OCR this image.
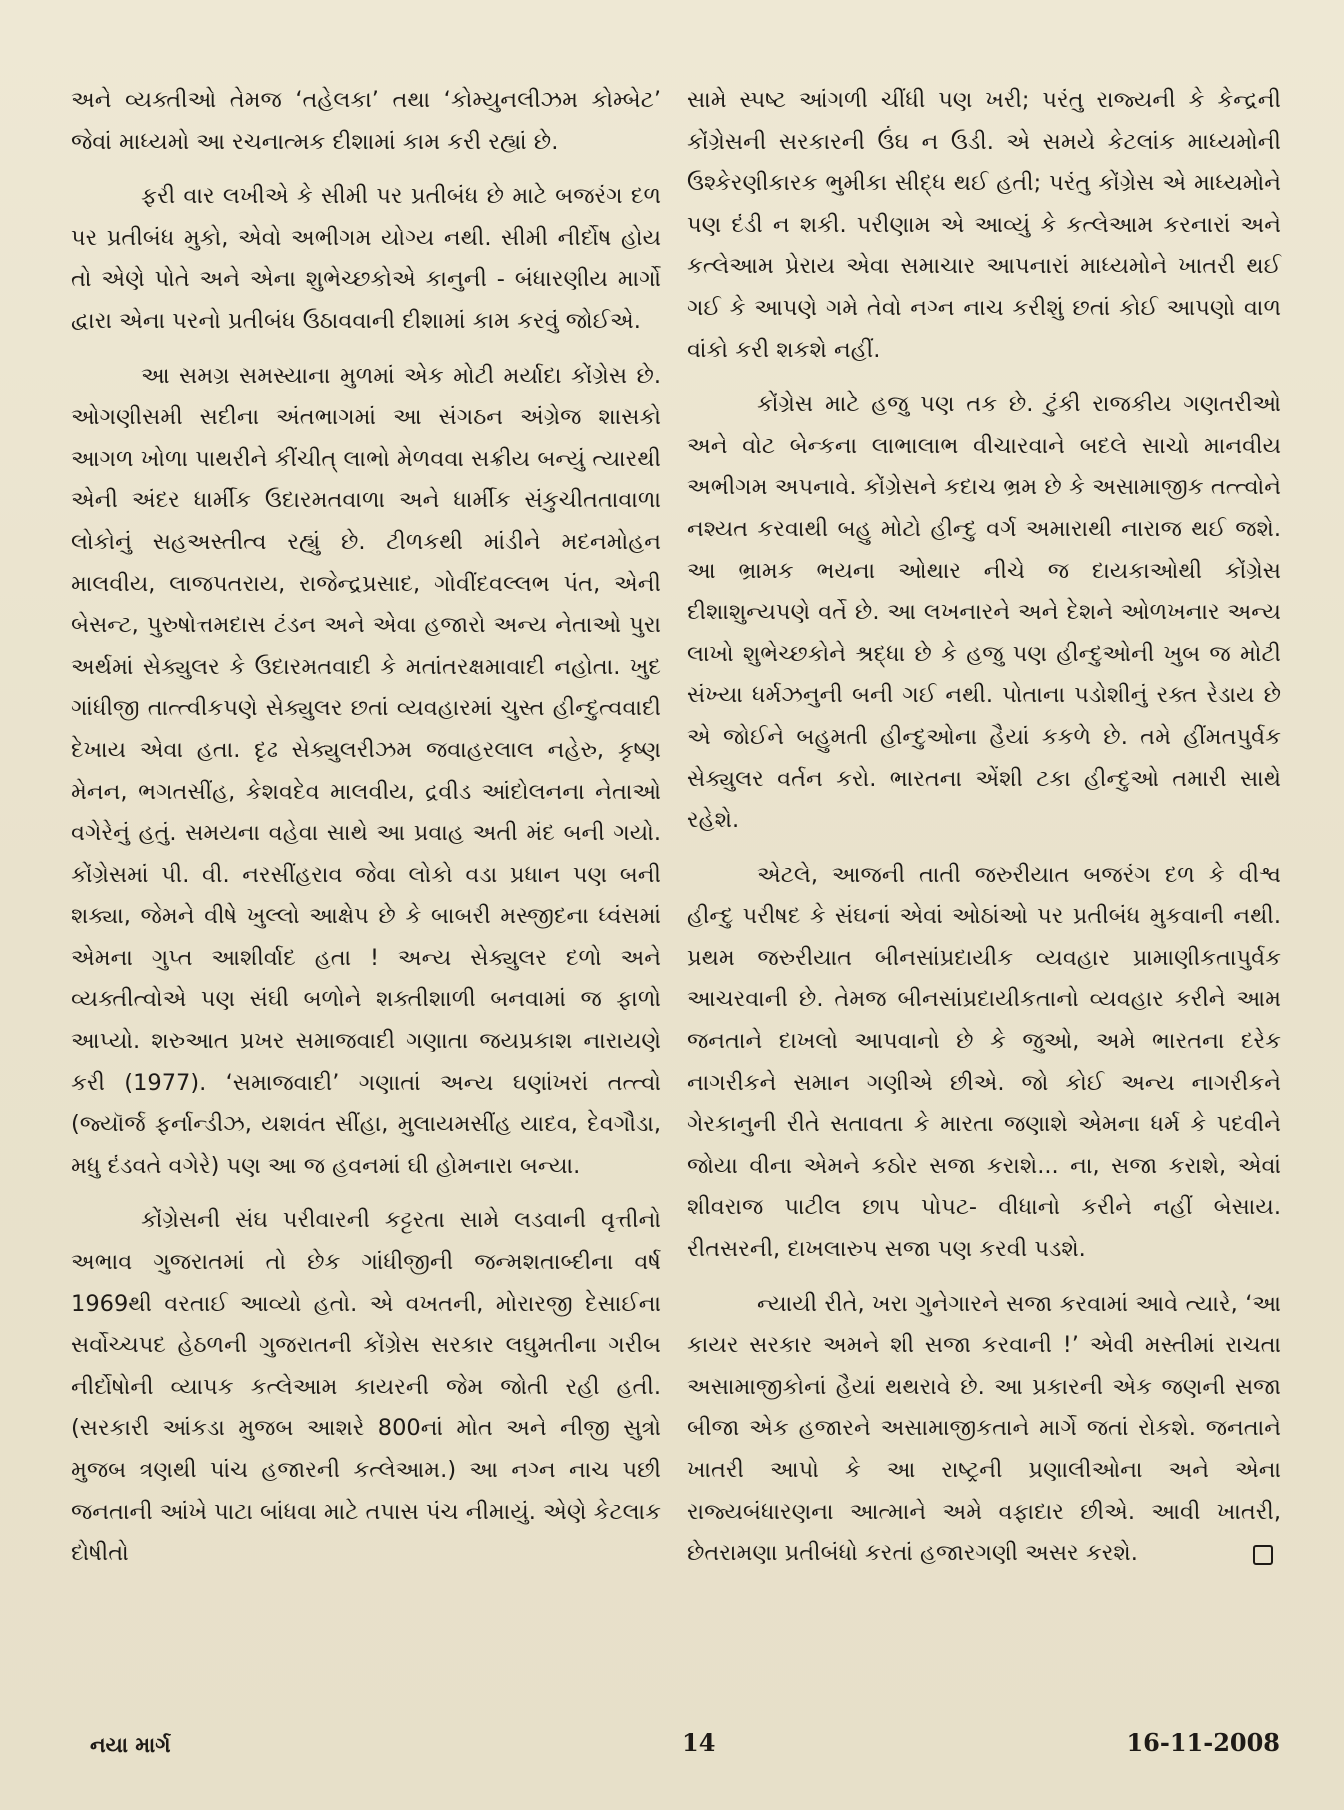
અને વ્યક્તીઓ તેમજ ‘તહેલકા’ તથા ‘કોમ્યુનલીઝમ કોમ્બેટ’ જેવાં માધ્યમો આ રચનાત્મક દીશામાં કામ કરી રહ્યાં છે.

ફરી વાર લખીએ કે સીમી પર પ્રતીબંધ છે માટે બજરંગ દળ પર પ્રતીબંધ મુકો, એવો અભીગમ યોગ્ય નથી. સીમી નીર્દોષ હોય તો એણે પોતે અને એના શુભેચ્છકોએ કાનુની - બંધારણીય માર્ગો દ્વારા એના પરનો પ્રતીબંધ ઉઠાવવાની દીશામાં કામ કરવું જોઈએ.

આ સમગ્ર સમસ્યાના મુળમાં એક મોટી મર્યાદા કોંગ્રેસ છે. ઓગણીસમી સદીના અંતભાગમાં આ સંગઠન અંગ્રેજ શાસકો આગળ ખોળા પાથરીને કીંચીત્ લાભો મેળવવા સક્રીય બન્યું ત્યારથી એની અંદર ધાર્મીક ઉદારમતવાળા અને ધાર્મીક સંકુચીતતાવાળા લોકોનું સહઅસ્તીત્વ રહ્યું છે. ટીળકથી માંડીને મદનમોહન માલવીય, લાજપતરાય, રાજેન્દ્રપ્રસાદ, ગોવીંદવલ્લભ પંત, એની બેસન્ટ, પુરુષોત્તમદાસ ટંડન અને એવા હજારો અન્ય નેતાઓ પુરા અર્થમાં સેક્યુલર કે ઉદારમતવાદી કે મતાંતરક્ષમાવાદી નહોતા. ખુદ ગાંધીજી તાત્ત્વીકપણે સેક્યુલર છતાં વ્યવહારમાં ચુસ્ત હીન્દુત્વવાદી દેખાય એવા હતા. દૃઢ સેક્યુલરીઝમ જવાહરલાલ નહેરુ, કૃષ્ણ મેનન, ભગતસીંહ, કેશવદેવ માલવીય, દ્રવીડ આંદોલનના નેતાઓ વગેરેનું હતું. સમયના વહેવા સાથે આ પ્રવાહ અતી મંદ બની ગયો. કોંગ્રેસમાં પી. વી. નરસીંહરાવ જેવા લોકો વડા પ્રધાન પણ બની શક્યા, જેમને વીષે ખુલ્લો આક્ષેપ છે કે બાબરી મસ્જીદના ધ્વંસમાં એમના ગુપ્ત આશીર્વાદ હતા ! અન્ય સેક્યુલર દળો અને વ્યક્તીત્વોએ પણ સંઘી બળોને શક્તીશાળી બનવામાં જ ફાળો આપ્યો. શરુઆત પ્રખર સમાજવાદી ગણાતા જયપ્રકાશ નારાયણે કરી (1977). ‘સમાજવાદી’ ગણાતાં અન્ય ઘણાંખરાં તત્ત્વો (જ્યૉર્જ ફર્નાન્ડીઝ, યશવંત સીંહા, મુલાયમસીંહ યાદવ, દેવગૌડા, મધુ દંડવતે વગેરે) પણ આ જ હવનમાં ઘી હોમનારા બન્યા.

કોંગ્રેસની સંઘ પરીવારની કટ્ટરતા સામે લડવાની વૃત્તીનો અભાવ ગુજરાતમાં તો છેક ગાંધીજીની જન્મશતાબ્દીના વર્ષ 1969થી વરતાઈ આવ્યો હતો. એ વખતની, મોરારજી દેસાઈના સર્વોચ્ચપદ હેઠળની ગુજરાતની કોંગ્રેસ સરકાર લઘુમતીના ગરીબ નીર્દોષોની વ્યાપક કત્લેઆમ કાયરની જેમ જોતી રહી હતી. (સરકારી આંકડા મુજબ આશરે 800નાં મોત અને નીજી સુત્રો મુજબ ત્રણથી પાંચ હજારની કત્લેઆમ.) આ નગ્ન નાચ પછી જનતાની આંખે પાટા બાંધવા માટે તપાસ પંચ નીમાયું. એણે કેટલાક દોષીતો

સામે સ્પષ્ટ આંગળી ચીંધી પણ ખરી; પરંતુ રાજ્યની કે કેન્દ્રની કોંગ્રેસની સરકારની ઉંઘ ન ઉડી. એ સમયે કેટલાંક માધ્યમોની ઉશ્કેરણીકારક ભુમીકા સીદ્ધ થઈ હતી; પરંતુ કોંગ્રેસ એ માધ્યમોને પણ દંડી ન શકી. પરીણામ એ આવ્યું કે કત્લેઆમ કરનારાં અને કત્લેઆમ પ્રેરાય એવા સમાચાર આપનારાં માધ્યમોને ખાતરી થઈ ગઈ કે આપણે ગમે તેવો નગ્ન નાચ કરીશું છતાં કોઈ આપણો વાળ વાંકો કરી શકશે નહીં.

કોંગ્રેસ માટે હજુ પણ તક છે. ટુંકી રાજકીય ગણતરીઓ અને વોટ બેન્કના લાભાલાભ વીચારવાને બદલે સાચો માનવીય અભીગમ અપનાવે. કોંગ્રેસને કદાચ ભ્રમ છે કે અસામાજીક તત્ત્વોને નશ્યત કરવાથી બહુ મોટો હીન્દુ વર્ગ અમારાથી નારાજ થઈ જશે. આ ભ્રામક ભયના ઓથાર નીચે જ દાયકાઓથી કોંગ્રેસ દીશાશુન્યપણે વર્તે છે. આ લખનારને અને દેશને ઓળખનાર અન્ય લાખો શુભેચ્છકોને શ્રદ્ધા છે કે હજુ પણ હીન્દુઓની ખુબ જ મોટી સંખ્યા ધર્મઝનુની બની ગઈ નથી. પોતાના પડોશીનું રક્ત રેડાય છે એ જોઈને બહુમતી હીન્દુઓના હૈયાં કકળે છે. તમે હીંમતપુર્વક સેક્યુલર વર્તન કરો. ભારતના એંશી ટકા હીન્દુઓ તમારી સાથે રહેશે.

એટલે, આજની તાતી જરુરીયાત બજરંગ દળ કે વીશ્વ હીન્દુ પરીષદ કે સંઘનાં એવાં ઓઠાંઓ પર પ્રતીબંધ મુકવાની નથી. પ્રથમ જરુરીયાત બીનસાંપ્રદાયીક વ્યવહાર પ્રામાણીકતાપુર્વક આચરવાની છે. તેમજ બીનસાંપ્રદાયીકતાનો વ્યવહાર કરીને આમ જનતાને દાખલો આપવાનો છે કે જુઓ, અમે ભારતના દરેક નાગરીકને સમાન ગણીએ છીએ. જો કોઈ અન્ય નાગરીકને ગેરકાનુની રીતે સતાવતા કે મારતા જણાશે એમના ધર્મ કે પદવીને જોયા વીના એમને કઠોર સજા કરાશે... ના, સજા કરાશે, એવાં શીવરાજ પાટીલ છાપ પોપટ- વીધાનો કરીને નહીં બેસાય. રીતસરની, દાખલારુપ સજા પણ કરવી પડશે.

ન્યાયી રીતે, ખરા ગુનેગારને સજા કરવામાં આવે ત્યારે, ‘આ કાયર સરકાર અમને શી સજા કરવાની !’ એવી મસ્તીમાં રાચતા અસામાજીકોનાં હૈયાં થથરાવે છે. આ પ્રકારની એક જણની સજા બીજા એક હજારને અસામાજીકતાને માર્ગે જતાં રોકશે. જનતાને ખાતરી આપો કે આ રાષ્ટ્રની પ્રણાલીઓના અને એના રાજ્યબંધારણના આત્માને અમે વફાદાર છીએ. આવી ખાતરી, છેતરામણા પ્રતીબંધો કરતાં હજારગણી અસર કરશે.

નયા માર્ગ	14	16-11-2008
